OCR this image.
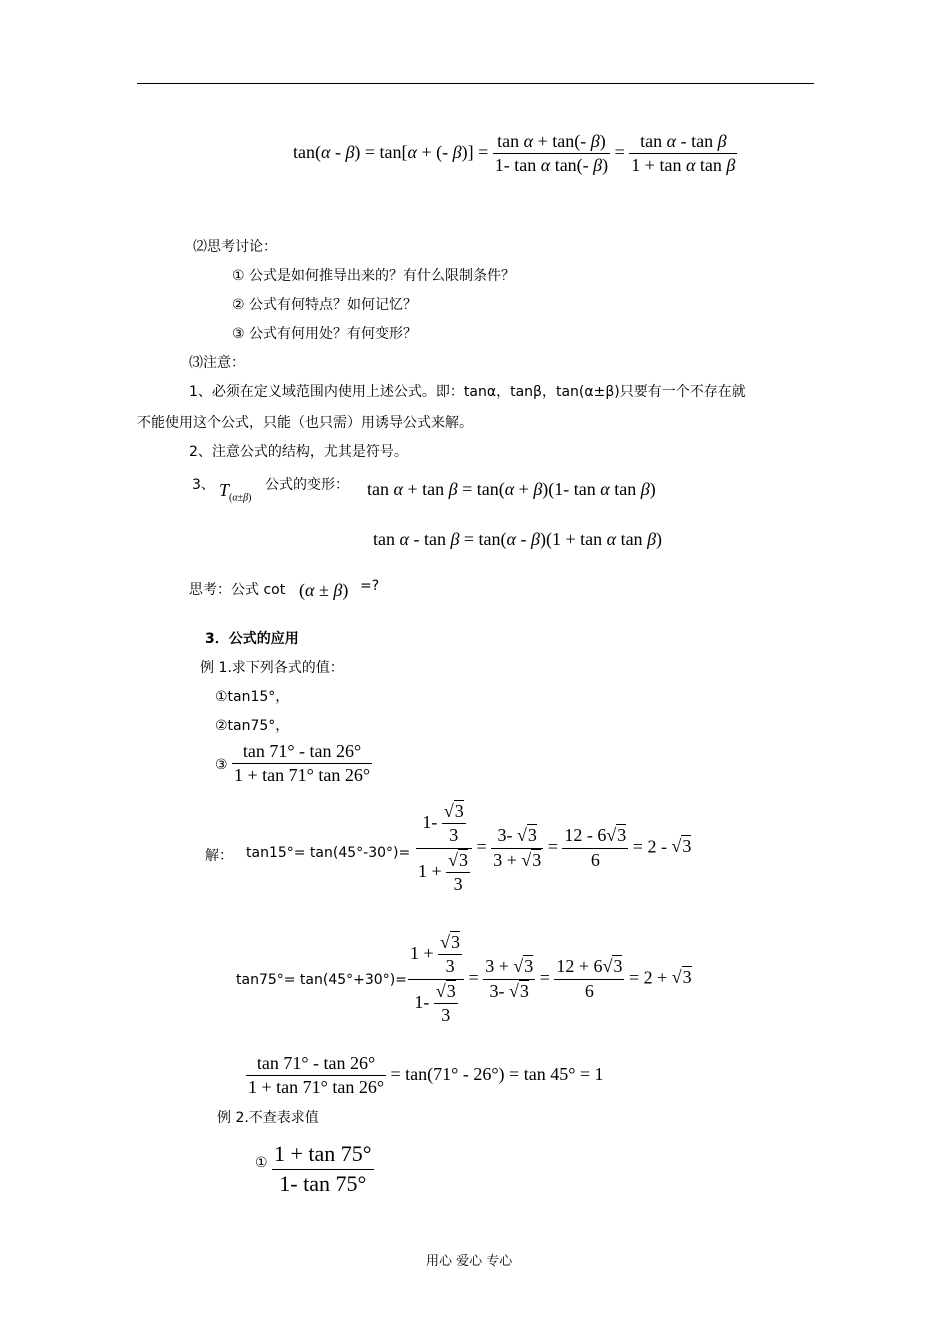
tan(α - β) = tan[α + (- $\beta)] = \frac{\text{tan α + tan(- β)}}{\text{1- tan α tan(- β)}} = \frac{\text{tan α - tan β}}{\text{1 + tan α tan β}}$
⑵思考讨论：
① 公式是如何推导出来的？有什么限制条件？
② 公式有何特点？如何记忆？
③ 公式有何用处？有何变形？
⑶注意：
1、必须在定义域范围内使用上述公式。即：tanα，tanβ，tan(α±β)只要有一个不存在就
不能使用这个公式，只能（也只需）用诱导公式来解。
2、注意公式的结构，尤其是符号。
3、 $T_{(\alpha\pm\beta)}$
公式的变形： tan α + tan β = tan(α + β)(1- tan α tan β)
tan α - tan β = tan(α - β)(1 + tan α tan β)
思考：公式 cot (α ± β) =?
3．公式的应用
例 1.求下列各式的值：
①tan15°，
②tan75°，
③ $\frac{\tan 71^\circ - \tan 26^\circ}{1 + \tan 71^\circ \tan 26^\circ}$
解： tan15°= tan(45°-30°)= 1-
√ $\frac{3}{3}$
1 +
√ $\frac{3}{3} = \frac{3- √ 3}{3 + √ 3} = \frac{12 - 6√ 3}{6} = 2$ - √ 3
tan75°= tan(45°+30°)= 1 +
√ $\frac{3}{3}$
1-
√ $\frac{3}{3} = \frac{3 + √ 3}{3- √ 3} = \frac{12 + 6√ 3}{6} = 2$ + √ 3
$\frac{\tan 71^\circ - \tan 26^\circ}{1 + \tan 71^\circ \tan 26^\circ} = \tan(71^\circ - 26^\circ) = \tan 45^\circ = 1$
例 2.不查表求值
① $\frac{1 + \tan 75^\circ}{1- \tan 75^\circ}$
用心 爱心 专心
